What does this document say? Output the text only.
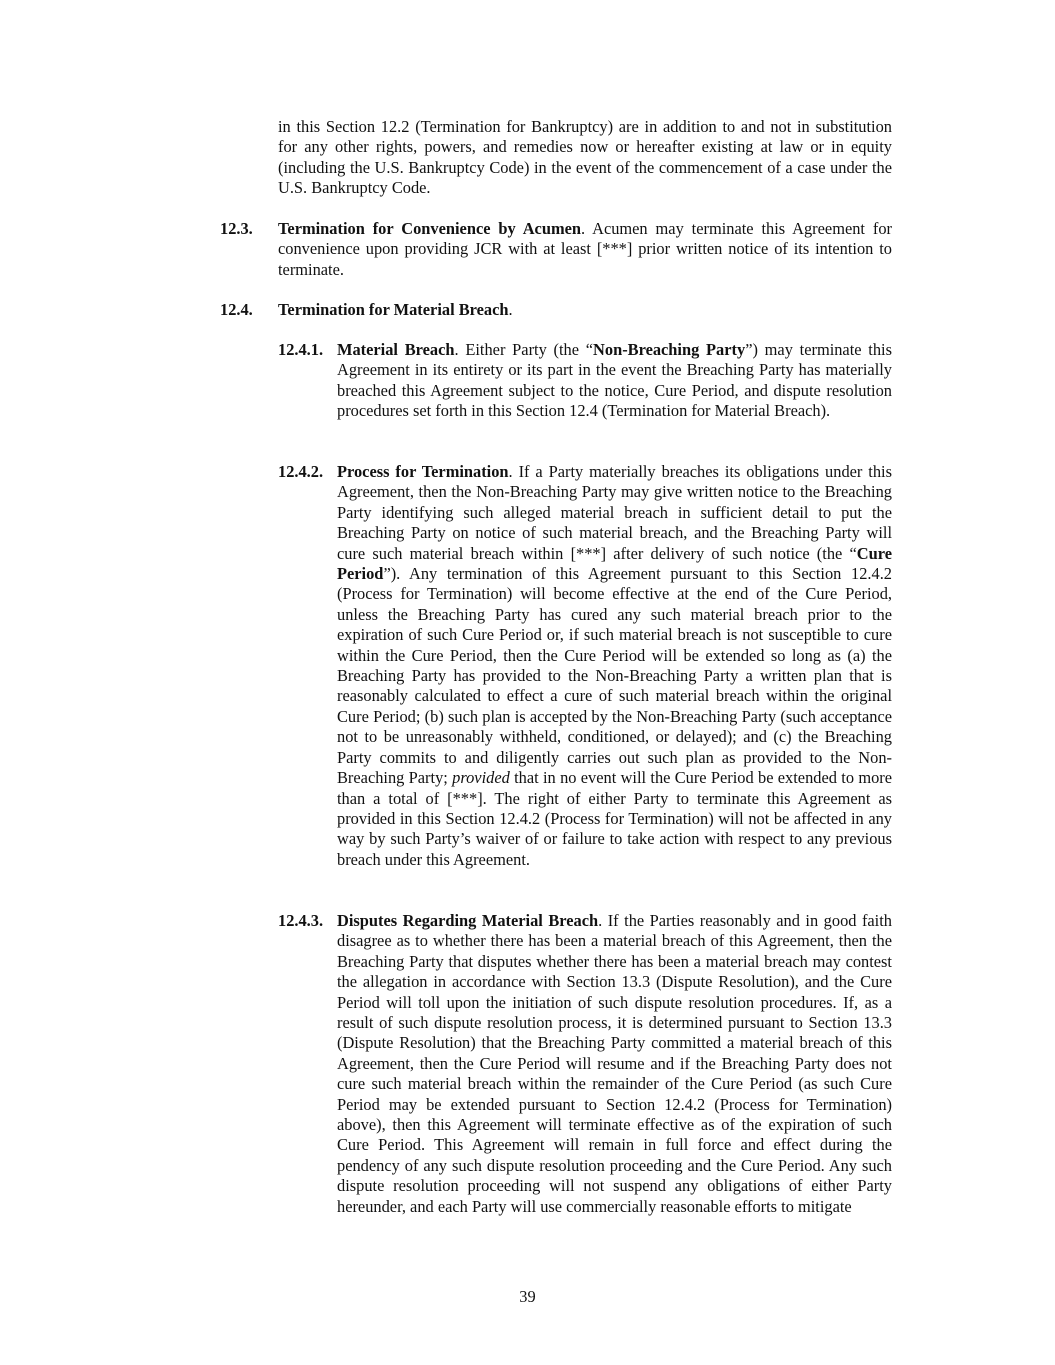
in this Section 12.2 (Termination for Bankruptcy) are in addition to and not in substitution for any other rights, powers, and remedies now or hereafter existing at law or in equity (including the U.S. Bankruptcy Code) in the event of the commencement of a case under the U.S. Bankruptcy Code.
12.3. Termination for Convenience by Acumen. Acumen may terminate this Agreement for convenience upon providing JCR with at least [***] prior written notice of its intention to terminate.
12.4. Termination for Material Breach.
12.4.1. Material Breach. Either Party (the “Non-Breaching Party”) may terminate this Agreement in its entirety or its part in the event the Breaching Party has materially breached this Agreement subject to the notice, Cure Period, and dispute resolution procedures set forth in this Section 12.4 (Termination for Material Breach).
12.4.2. Process for Termination. If a Party materially breaches its obligations under this Agreement, then the Non-Breaching Party may give written notice to the Breaching Party identifying such alleged material breach in sufficient detail to put the Breaching Party on notice of such material breach, and the Breaching Party will cure such material breach within [***] after delivery of such notice (the “Cure Period”). Any termination of this Agreement pursuant to this Section 12.4.2 (Process for Termination) will become effective at the end of the Cure Period, unless the Breaching Party has cured any such material breach prior to the expiration of such Cure Period or, if such material breach is not susceptible to cure within the Cure Period, then the Cure Period will be extended so long as (a) the Breaching Party has provided to the Non-Breaching Party a written plan that is reasonably calculated to effect a cure of such material breach within the original Cure Period; (b) such plan is accepted by the Non-Breaching Party (such acceptance not to be unreasonably withheld, conditioned, or delayed); and (c) the Breaching Party commits to and diligently carries out such plan as provided to the Non-Breaching Party; provided that in no event will the Cure Period be extended to more than a total of [***]. The right of either Party to terminate this Agreement as provided in this Section 12.4.2 (Process for Termination) will not be affected in any way by such Party’s waiver of or failure to take action with respect to any previous breach under this Agreement.
12.4.3. Disputes Regarding Material Breach. If the Parties reasonably and in good faith disagree as to whether there has been a material breach of this Agreement, then the Breaching Party that disputes whether there has been a material breach may contest the allegation in accordance with Section 13.3 (Dispute Resolution), and the Cure Period will toll upon the initiation of such dispute resolution procedures. If, as a result of such dispute resolution process, it is determined pursuant to Section 13.3 (Dispute Resolution) that the Breaching Party committed a material breach of this Agreement, then the Cure Period will resume and if the Breaching Party does not cure such material breach within the remainder of the Cure Period (as such Cure Period may be extended pursuant to Section 12.4.2 (Process for Termination) above), then this Agreement will terminate effective as of the expiration of such Cure Period. This Agreement will remain in full force and effect during the pendency of any such dispute resolution proceeding and the Cure Period. Any such dispute resolution proceeding will not suspend any obligations of either Party hereunder, and each Party will use commercially reasonable efforts to mitigate
39
